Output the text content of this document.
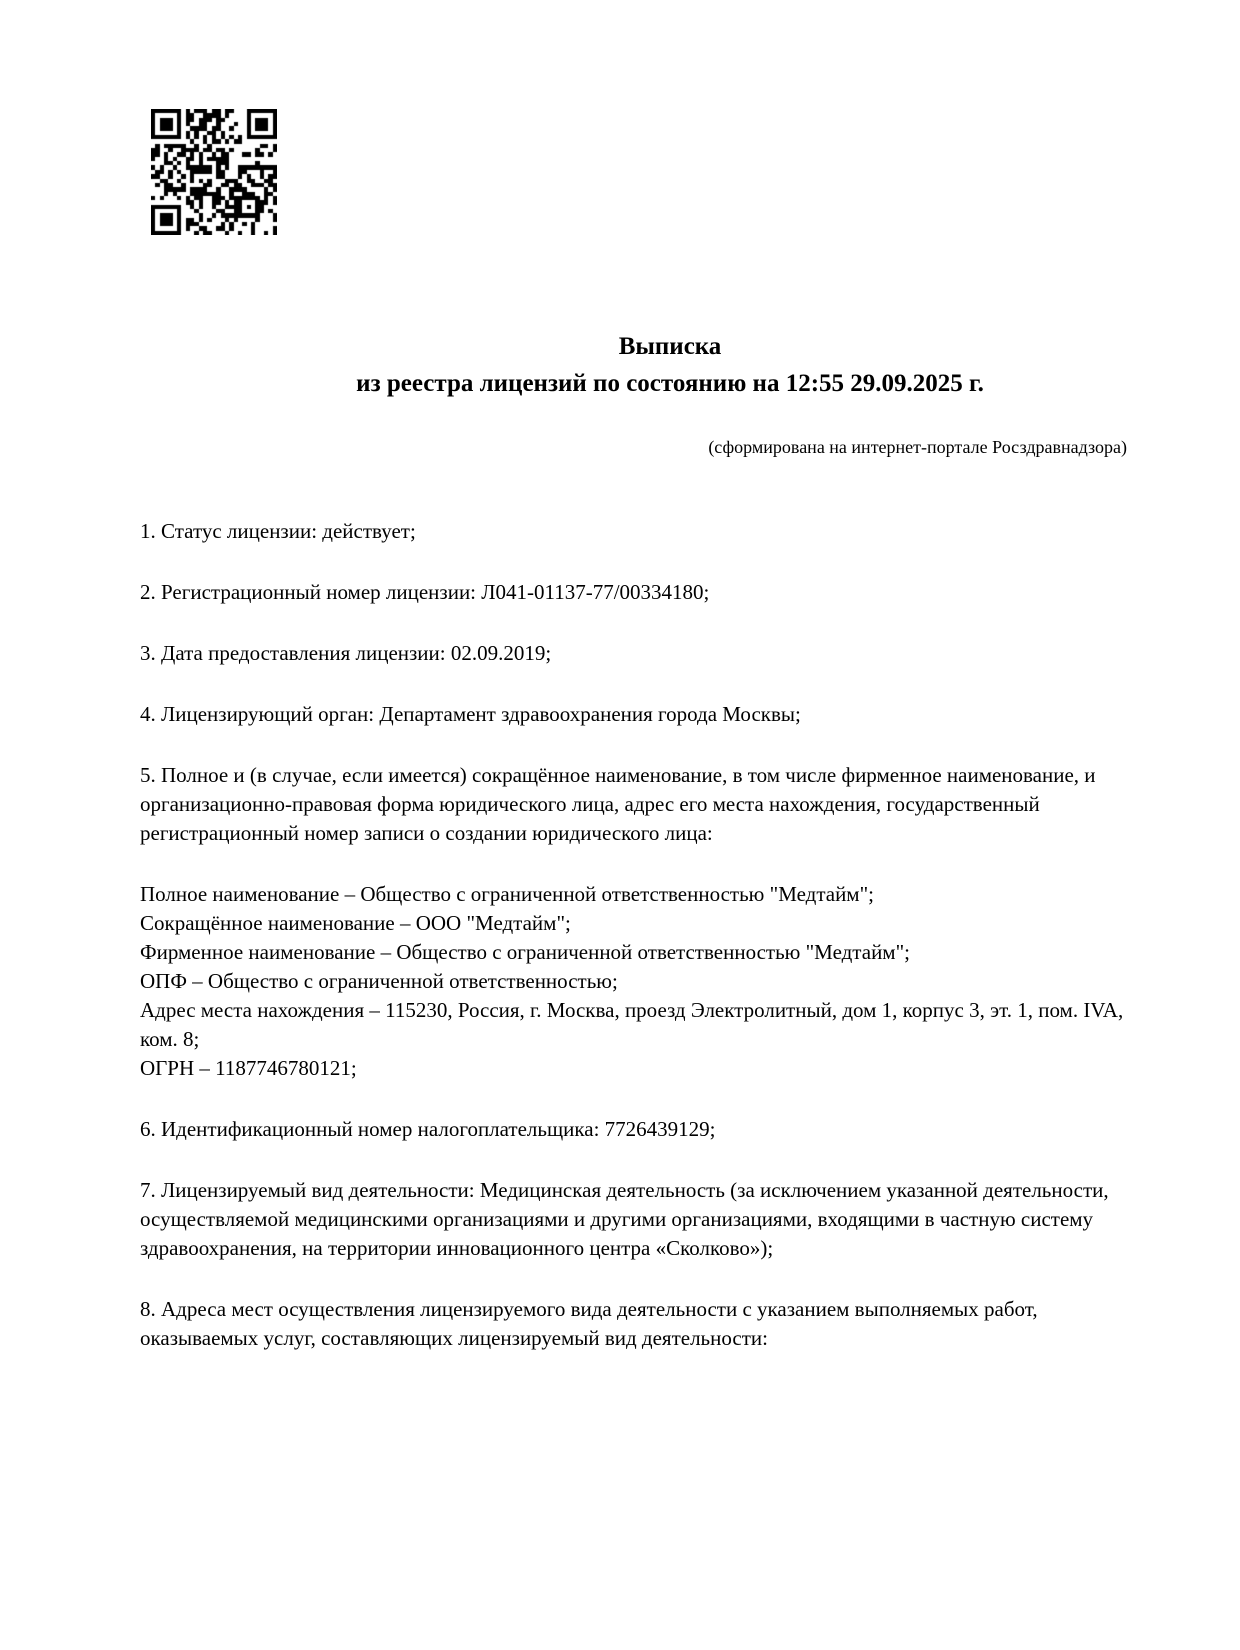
Выписка
из реестра лицензий по состоянию на 12:55 29.09.2025 г.
(сформирована на интернет-портале Росздравнадзора)

1. Статус лицензии: действует;

2. Регистрационный номер лицензии: Л041-01137-77/00334180;

3. Дата предоставления лицензии: 02.09.2019;

4. Лицензирующий орган: Департамент здравоохранения города Москвы;

5. Полное и (в случае, если имеется) сокращённое наименование, в том числе фирменное наименование, и организационно-правовая форма юридического лица, адрес его места нахождения, государственный регистрационный номер записи о создании юридического лица:

Полное наименование – Общество с ограниченной ответственностью "Медтайм";

Сокращённое наименование – ООО "Медтайм";

Фирменное наименование – Общество с ограниченной ответственностью "Медтайм";

ОПФ – Общество с ограниченной ответственностью;

Адрес места нахождения – 115230, Россия, г. Москва, проезд Электролитный, дом 1, корпус 3, эт. 1, пом. IVA, ком. 8;

ОГРН – 1187746780121;

6. Идентификационный номер налогоплательщика: 7726439129;

7. Лицензируемый вид деятельности: Медицинская деятельность (за исключением указанной деятельности, осуществляемой медицинскими организациями и другими организациями, входящими в частную систему здравоохранения, на территории инновационного центра «Сколково»);

8. Адреса мест осуществления лицензируемого вида деятельности с указанием выполняемых работ, оказываемых услуг, составляющих лицензируемый вид деятельности:
